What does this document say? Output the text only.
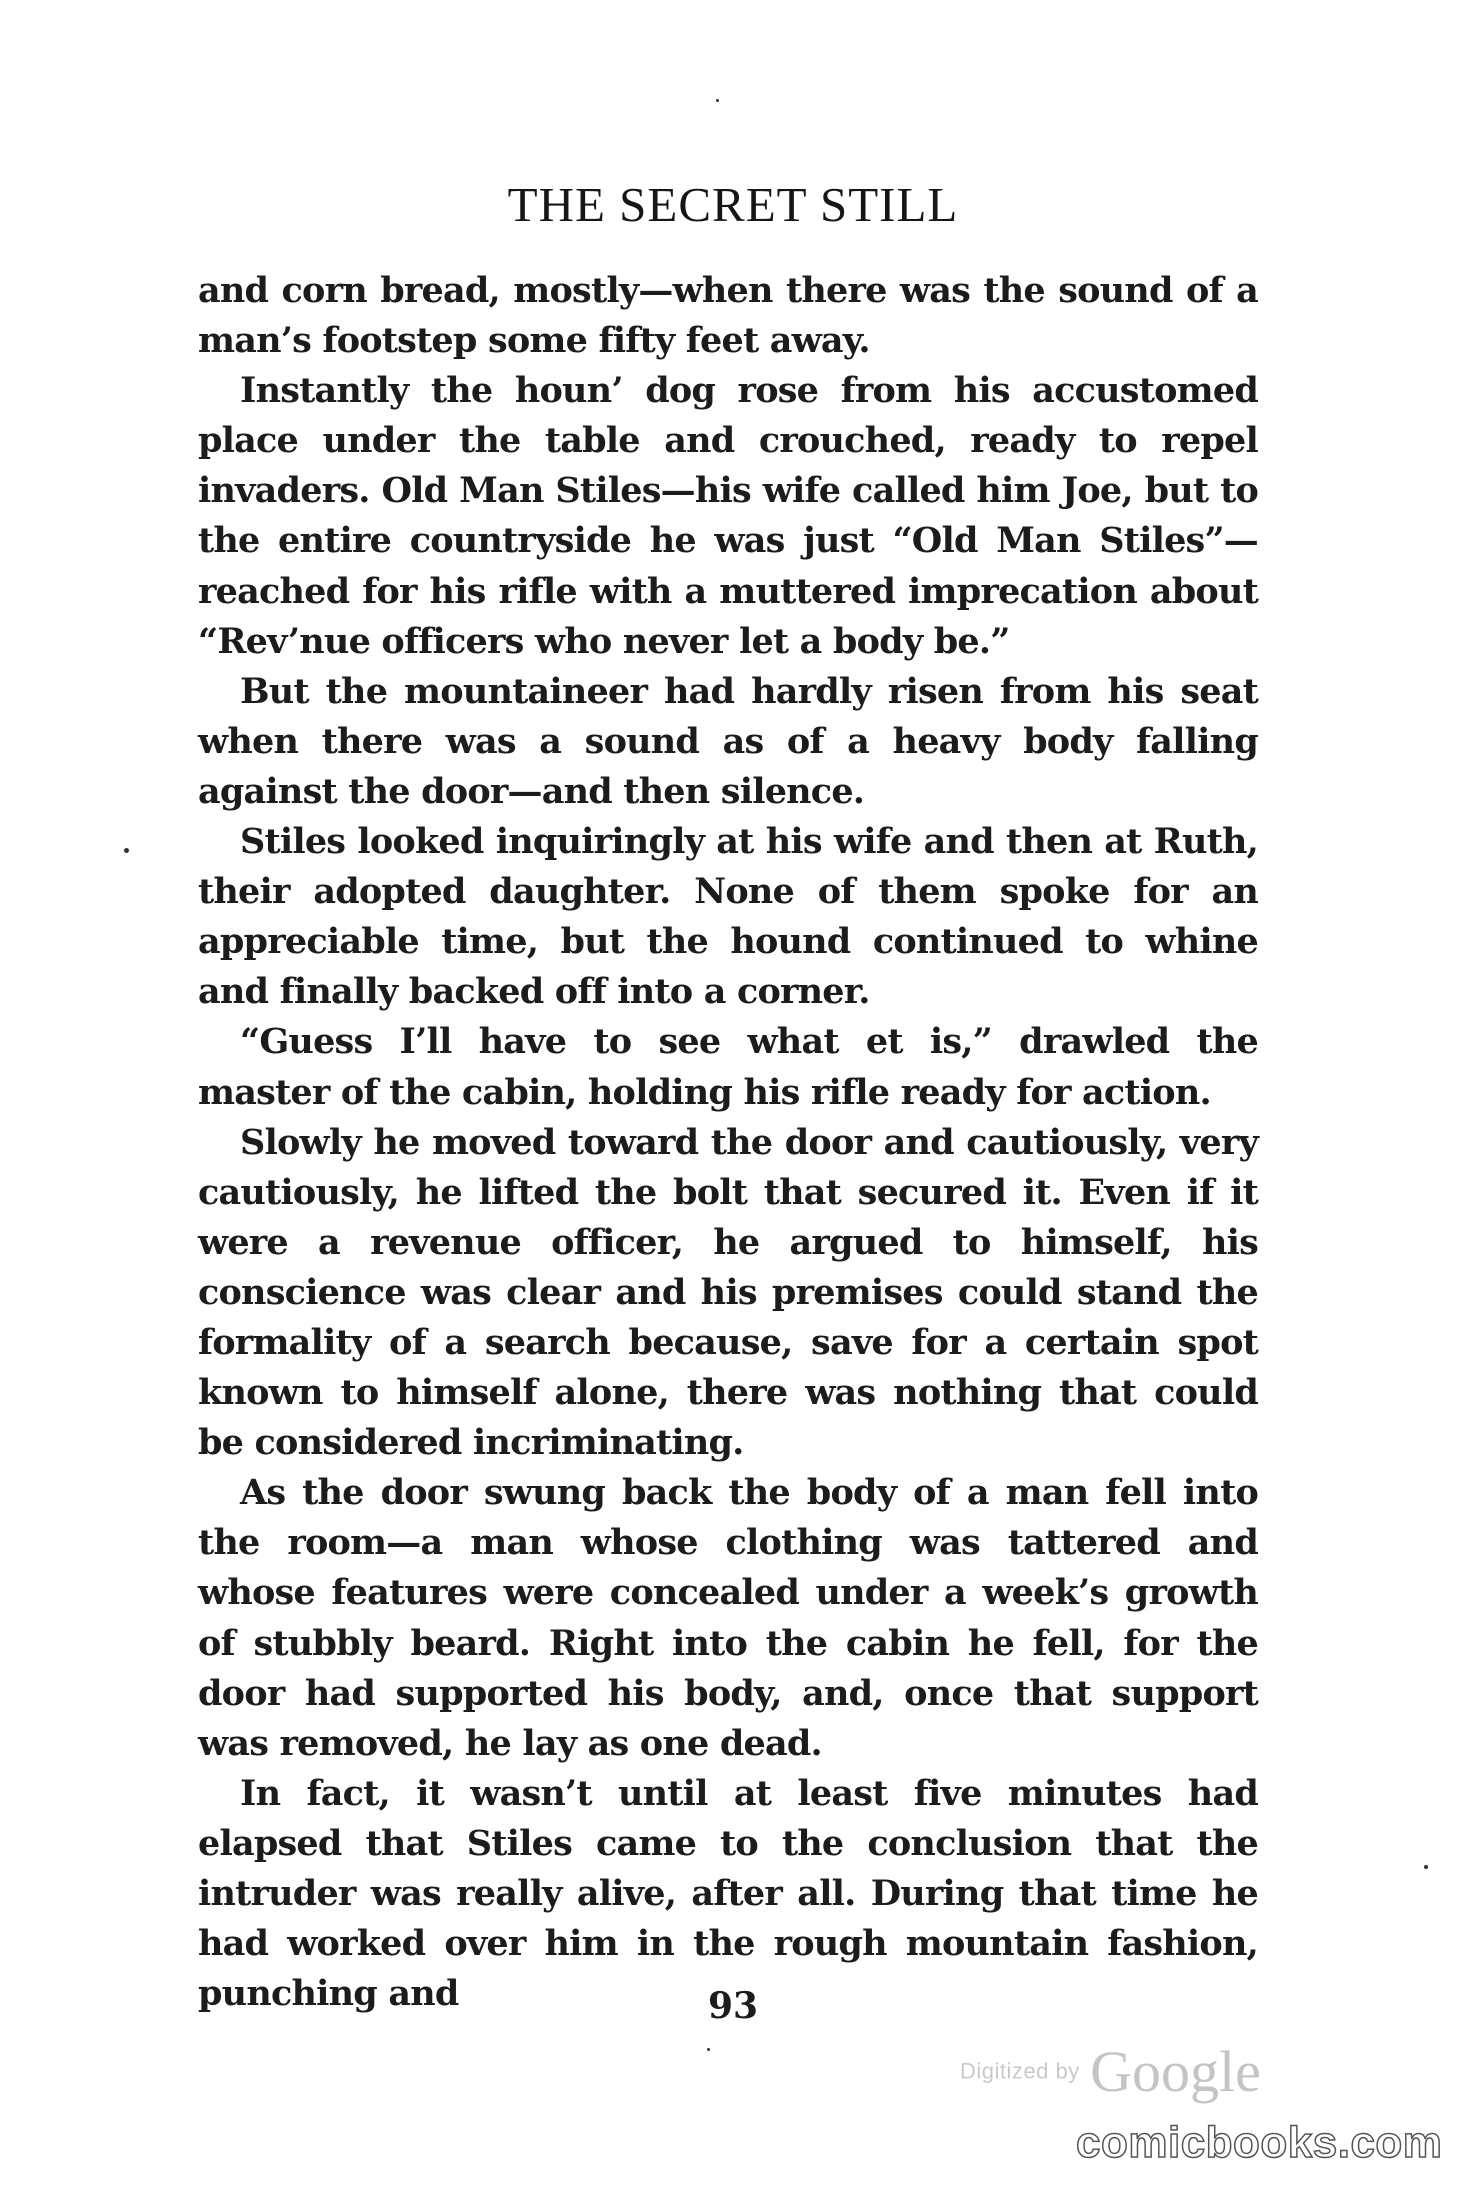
THE SECRET STILL

and corn bread, mostly—when there was the sound of a man’s footstep some fifty feet away.

Instantly the houn’ dog rose from his accustomed place under the table and crouched, ready to repel invaders. Old Man Stiles—his wife called him Joe, but to the entire countryside he was just “Old Man Stiles”—reached for his rifle with a muttered imprecation about “Rev’nue officers who never let a body be.”

But the mountaineer had hardly risen from his seat when there was a sound as of a heavy body falling against the door—and then silence.

Stiles looked inquiringly at his wife and then at Ruth, their adopted daughter. None of them spoke for an appreciable time, but the hound continued to whine and finally backed off into a corner.

“Guess I’ll have to see what et is,” drawled the master of the cabin, holding his rifle ready for action.

Slowly he moved toward the door and cautiously, very cautiously, he lifted the bolt that secured it. Even if it were a revenue officer, he argued to himself, his conscience was clear and his premises could stand the formality of a search because, save for a certain spot known to himself alone, there was nothing that could be considered incriminating.

As the door swung back the body of a man fell into the room—a man whose clothing was tattered and whose features were concealed under a week’s growth of stubbly beard. Right into the cabin he fell, for the door had supported his body, and, once that support was removed, he lay as one dead.

In fact, it wasn’t until at least five minutes had elapsed that Stiles came to the conclusion that the intruder was really alive, after all. During that time he had worked over him in the rough mountain fashion, punching and	93
Digitized by Google
comicbooks.com
